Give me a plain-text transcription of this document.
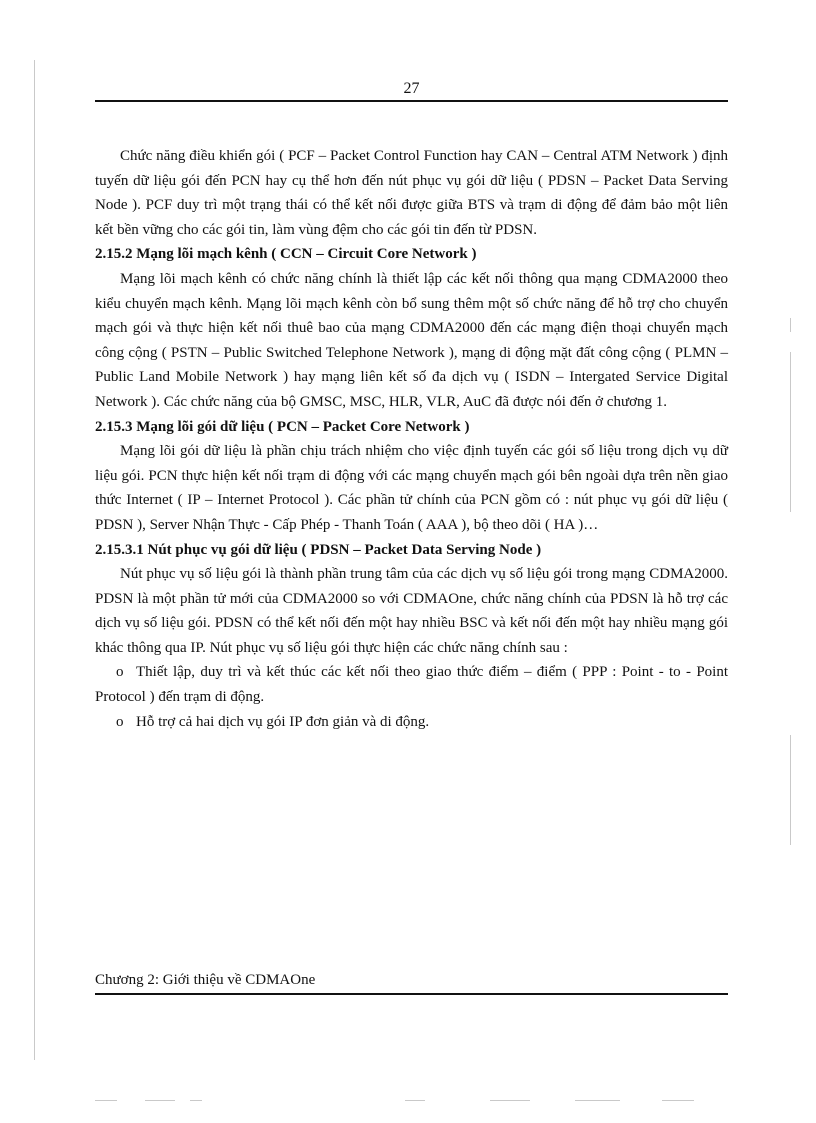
27

Chức năng điều khiển gói ( PCF – Packet Control Function hay CAN – Central ATM Network ) định tuyến dữ liệu gói đến PCN hay cụ thể hơn đến nút phục vụ gói dữ liệu ( PDSN – Packet Data Serving Node ). PCF duy trì một trạng thái có thể kết nối được giữa BTS và trạm di động để đảm bảo một liên kết bền vững cho các gói tin, làm vùng đệm cho các gói tin đến từ PDSN.

2.15.2 Mạng lõi mạch kênh ( CCN – Circuit Core Network )

Mạng lõi mạch kênh có chức năng chính là thiết lập các kết nối thông qua mạng CDMA2000 theo kiểu chuyển mạch kênh. Mạng lõi mạch kênh còn bổ sung thêm một số chức năng để hỗ trợ cho chuyển mạch gói và thực hiện kết nối thuê bao của mạng CDMA2000 đến các mạng điện thoại chuyển mạch công cộng ( PSTN – Public Switched Telephone Network ), mạng di động mặt đất công cộng ( PLMN – Public Land Mobile Network ) hay mạng liên kết số đa dịch vụ ( ISDN – Intergated Service Digital Network ). Các chức năng của bộ GMSC, MSC, HLR, VLR, AuC đã được nói đến ở chương 1.

2.15.3 Mạng lõi gói dữ liệu ( PCN – Packet Core Network )

Mạng lõi gói dữ liệu là phần chịu trách nhiệm cho việc định tuyến các gói số liệu trong dịch vụ dữ liệu gói. PCN thực hiện kết nối trạm di động với các mạng chuyển mạch gói bên ngoài dựa trên nền giao thức Internet ( IP – Internet Protocol ). Các phần tử chính của PCN gồm có : nút phục vụ gói dữ liệu ( PDSN ), Server Nhận Thực - Cấp Phép - Thanh Toán ( AAA ), bộ theo dõi ( HA )…

2.15.3.1 Nút phục vụ gói dữ liệu ( PDSN – Packet Data Serving Node )

Nút phục vụ số liệu gói là thành phần trung tâm của các dịch vụ số liệu gói trong mạng CDMA2000. PDSN là một phần tử mới của CDMA2000 so với CDMAOne, chức năng chính của PDSN là hỗ trợ các dịch vụ số liệu gói. PDSN có thể kết nối đến một hay nhiều BSC và kết nối đến một hay nhiều mạng gói khác thông qua IP. Nút phục vụ số liệu gói thực hiện các chức năng chính sau :

o Thiết lập, duy trì và kết thúc các kết nối theo giao thức điểm – điểm ( PPP : Point - to - Point Protocol ) đến trạm di động.

o Hỗ trợ cả hai dịch vụ gói IP đơn giản và di động.

Chương 2: Giới thiệu về CDMAOne
